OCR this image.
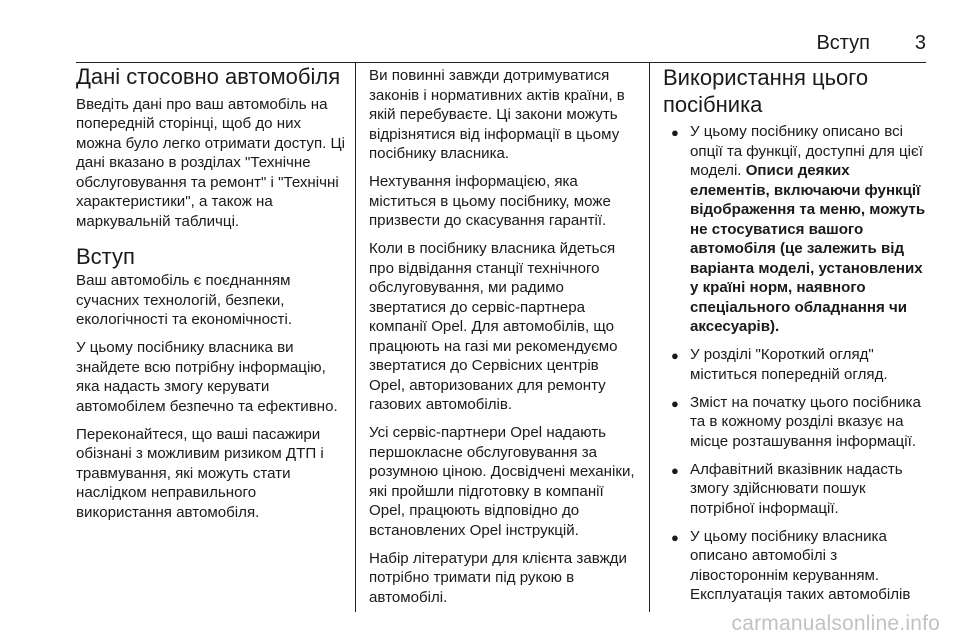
Вступ 3
Дані стосовно автомобіля

Введіть дані про ваш автомобіль на попередній сторінці, щоб до них можна було легко отримати доступ. Ці дані вказано в розділах "Технічне обслуговування та ремонт" і "Технічні характеристики", а також на маркувальній табличці.

Вступ

Ваш автомобіль є поєднанням сучасних технологій, безпеки, екологічності та економічності.

У цьому посібнику власника ви знайдете всю потрібну інформацію, яка надасть змогу керувати автомобілем безпечно та ефективно.

Переконайтеся, що ваші пасажири обізнані з можливим ризиком ДТП і травмування, які можуть стати наслідком неправильного використання автомобіля.

Ви повинні завжди дотримуватися законів і нормативних актів країни, в якій перебуваєте. Ці закони можуть відрізнятися від інформації в цьому посібнику власника.

Нехтування інформацією, яка міститься в цьому посібнику, може призвести до скасування гарантії.

Коли в посібнику власника йдеться про відвідання станції технічного обслуговування, ми радимо звертатися до сервіс-партнера компанії Opel. Для автомобілів, що працюють на газі ми рекомендуємо звертатися до Сервісних центрів Opel, авторизованих для ремонту газових автомобілів.

Усі сервіс-партнери Opel надають першокласне обслуговування за розумною ціною. Досвідчені механіки, які пройшли підготовку в компанії Opel, працюють відповідно до встановлених Opel інструкцій.

Набір літератури для клієнта завжди потрібно тримати під рукою в автомобілі.

Використання цього посібника
● У цьому посібнику описано всі опції та функції, доступні для цієї моделі. Описи деяких елементів, включаючи функції відображення та меню, можуть не стосуватися вашого автомобіля (це залежить від варіанта моделі, установлених у країні норм, наявного спеціального обладнання чи аксесуарів).
● У розділі "Короткий огляд" міститься попередній огляд.
● Зміст на початку цього посібника та в кожному розділі вказує на місце розташування інформації.
● Алфавітний вказівник надасть змогу здійснювати пошук потрібної інформації.
● У цьому посібнику власника описано автомобілі з лівостороннім керуванням. Експлуатація таких автомобілів
carmanualsonline.info
